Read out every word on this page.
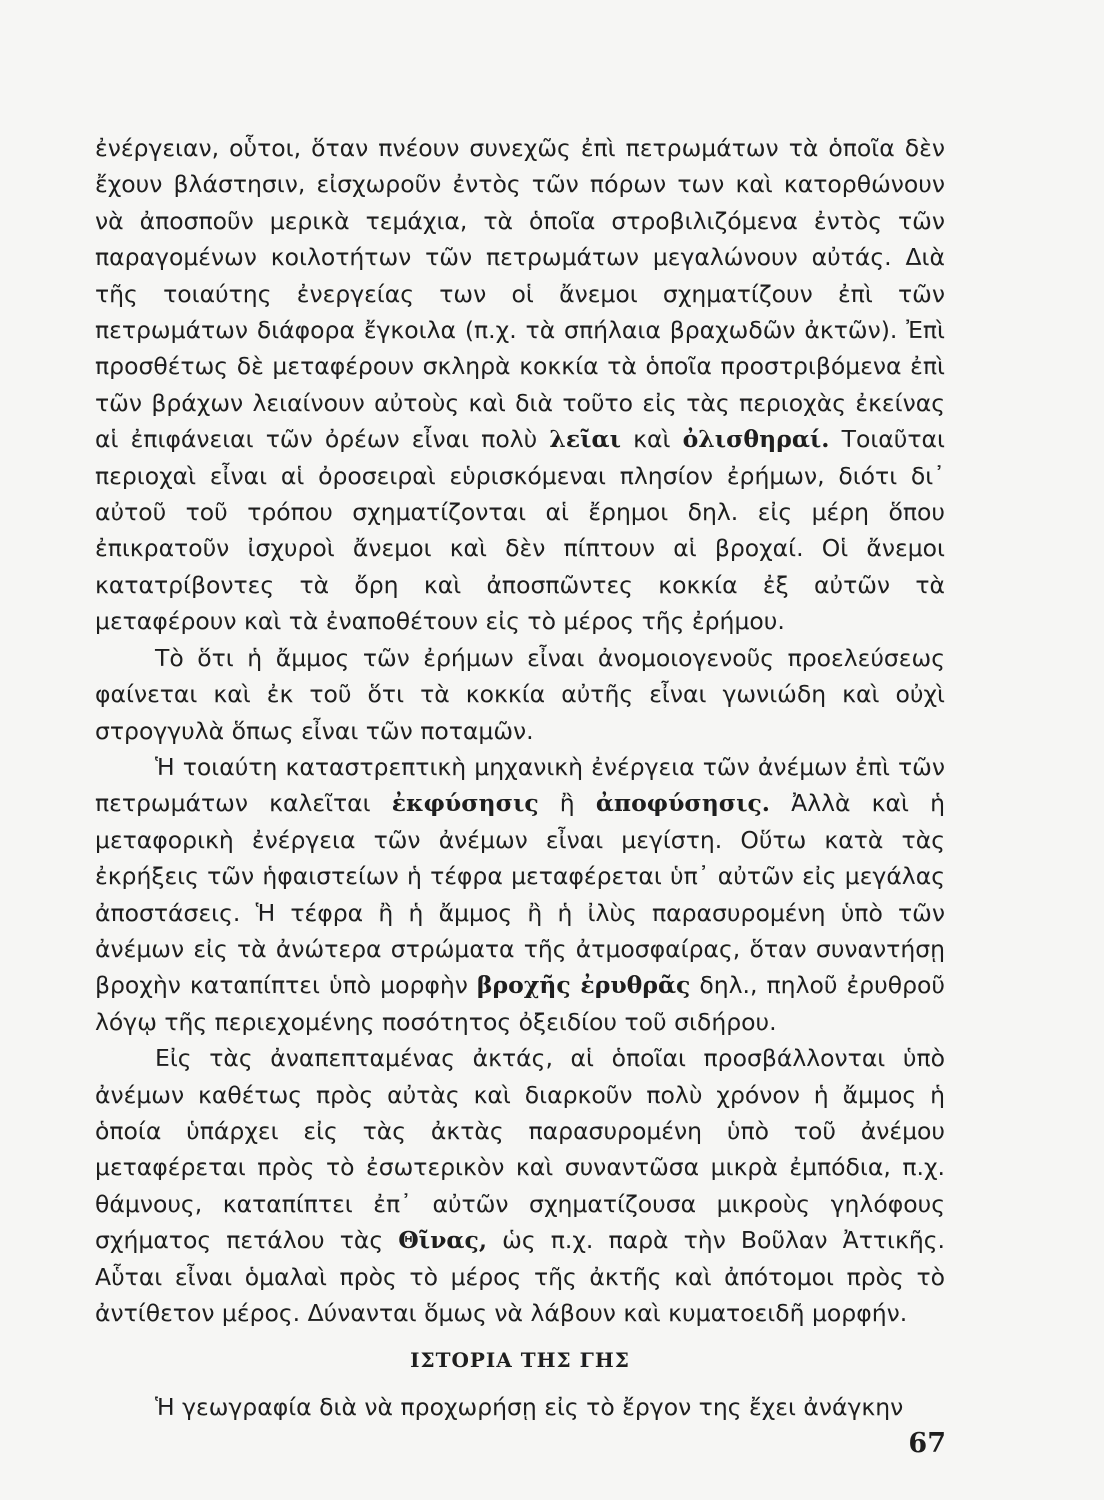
ἐνέργειαν, οὗτοι, ὅταν πνέουν συνεχῶς ἐπὶ πετρωμάτων τὰ ὁποῖα δὲν ἔχουν βλάστησιν, εἰσχωροῦν ἐντὸς τῶν πόρων των καὶ κατορθώνουν νὰ ἀποσποῦν μερικὰ τεμάχια, τὰ ὁποῖα στροβιλιζόμενα ἐντὸς τῶν παραγομένων κοιλοτήτων τῶν πετρωμάτων μεγαλώνουν αὐτάς. Διὰ τῆς τοιαύτης ἐνεργείας των οἱ ἄνεμοι σχηματίζουν ἐπὶ τῶν πετρωμάτων διάφορα ἔγκοιλα (π.χ. τὰ σπήλαια βραχωδῶν ἀκτῶν). Ἐπὶ προσθέτως δὲ μεταφέρουν σκληρὰ κοκκία τὰ ὁποῖα προστριβόμενα ἐπὶ τῶν βράχων λειαίνουν αὐτοὺς καὶ διὰ τοῦτο εἰς τὰς περιοχὰς ἐκείνας αἱ ἐπιφάνειαι τῶν ὀρέων εἶναι πολὺ λεῖαι καὶ ὀλισθηραί. Τοιαῦται περιοχαὶ εἶναι αἱ ὀροσειραὶ εὑρισκόμεναι πλησίον ἐρήμων, διότι δι᾽ αὐτοῦ τοῦ τρόπου σχηματίζονται αἱ ἔρημοι δηλ. εἰς μέρη ὅπου ἐπικρατοῦν ἰσχυροὶ ἄνεμοι καὶ δὲν πίπτουν αἱ βροχαί. Οἱ ἄνεμοι κατατρίβοντες τὰ ὄρη καὶ ἀποσπῶντες κοκκία ἐξ αὐτῶν τὰ μεταφέρουν καὶ τὰ ἐναποθέτουν εἰς τὸ μέρος τῆς ἐρήμου.

Τὸ ὅτι ἡ ἄμμος τῶν ἐρήμων εἶναι ἀνομοιογενοῦς προελεύσεως φαίνεται καὶ ἐκ τοῦ ὅτι τὰ κοκκία αὐτῆς εἶναι γωνιώδη καὶ οὐχὶ στρογγυλὰ ὅπως εἶναι τῶν ποταμῶν.

Ἡ τοιαύτη καταστρεπτικὴ μηχανικὴ ἐνέργεια τῶν ἀνέμων ἐπὶ τῶν πετρωμάτων καλεῖται ἐκφύσησις ἢ ἀποφύσησις. Ἀλλὰ καὶ ἡ μεταφορικὴ ἐνέργεια τῶν ἀνέμων εἶναι μεγίστη. Οὕτω κατὰ τὰς ἐκρήξεις τῶν ἡφαιστείων ἡ τέφρα μεταφέρεται ὑπ᾽ αὐτῶν εἰς μεγάλας ἀποστάσεις. Ἡ τέφρα ἢ ἡ ἄμμος ἢ ἡ ἰλὺς παρασυρομένη ὑπὸ τῶν ἀνέμων εἰς τὰ ἀνώτερα στρώματα τῆς ἀτμοσφαίρας, ὅταν συναντήσῃ βροχὴν καταπίπτει ὑπὸ μορφὴν βροχῆς ἐρυθρᾶς δηλ., πηλοῦ ἐρυθροῦ λόγῳ τῆς περιεχομένης ποσότητος ὀξειδίου τοῦ σιδήρου.

Εἰς τὰς ἀναπεπταμένας ἀκτάς, αἱ ὁποῖαι προσβάλλονται ὑπὸ ἀνέμων καθέτως πρὸς αὐτὰς καὶ διαρκοῦν πολὺ χρόνον ἡ ἄμμος ἡ ὁποία ὑπάρχει εἰς τὰς ἀκτὰς παρασυρομένη ὑπὸ τοῦ ἀνέμου μεταφέρεται πρὸς τὸ ἐσωτερικὸν καὶ συναντῶσα μικρὰ ἐμπόδια, π.χ. θάμνους, καταπίπτει ἐπ᾽ αὐτῶν σχηματίζουσα μικροὺς γηλόφους σχήματος πετάλου τὰς Θῖνας, ὡς π.χ. παρὰ τὴν Βοῦλαν Ἀττικῆς. Αὗται εἶναι ὁμαλαὶ πρὸς τὸ μέρος τῆς ἀκτῆς καὶ ἀπότομοι πρὸς τὸ ἀντίθετον μέρος. Δύνανται ὅμως νὰ λάβουν καὶ κυματοειδῆ μορφήν.

ΙΣΤΟΡΙΑ ΤΗΣ ΓΗΣ

Ἡ γεωγραφία διὰ νὰ προχωρήσῃ εἰς τὸ ἔργον της ἔχει ἀνάγκην

67
